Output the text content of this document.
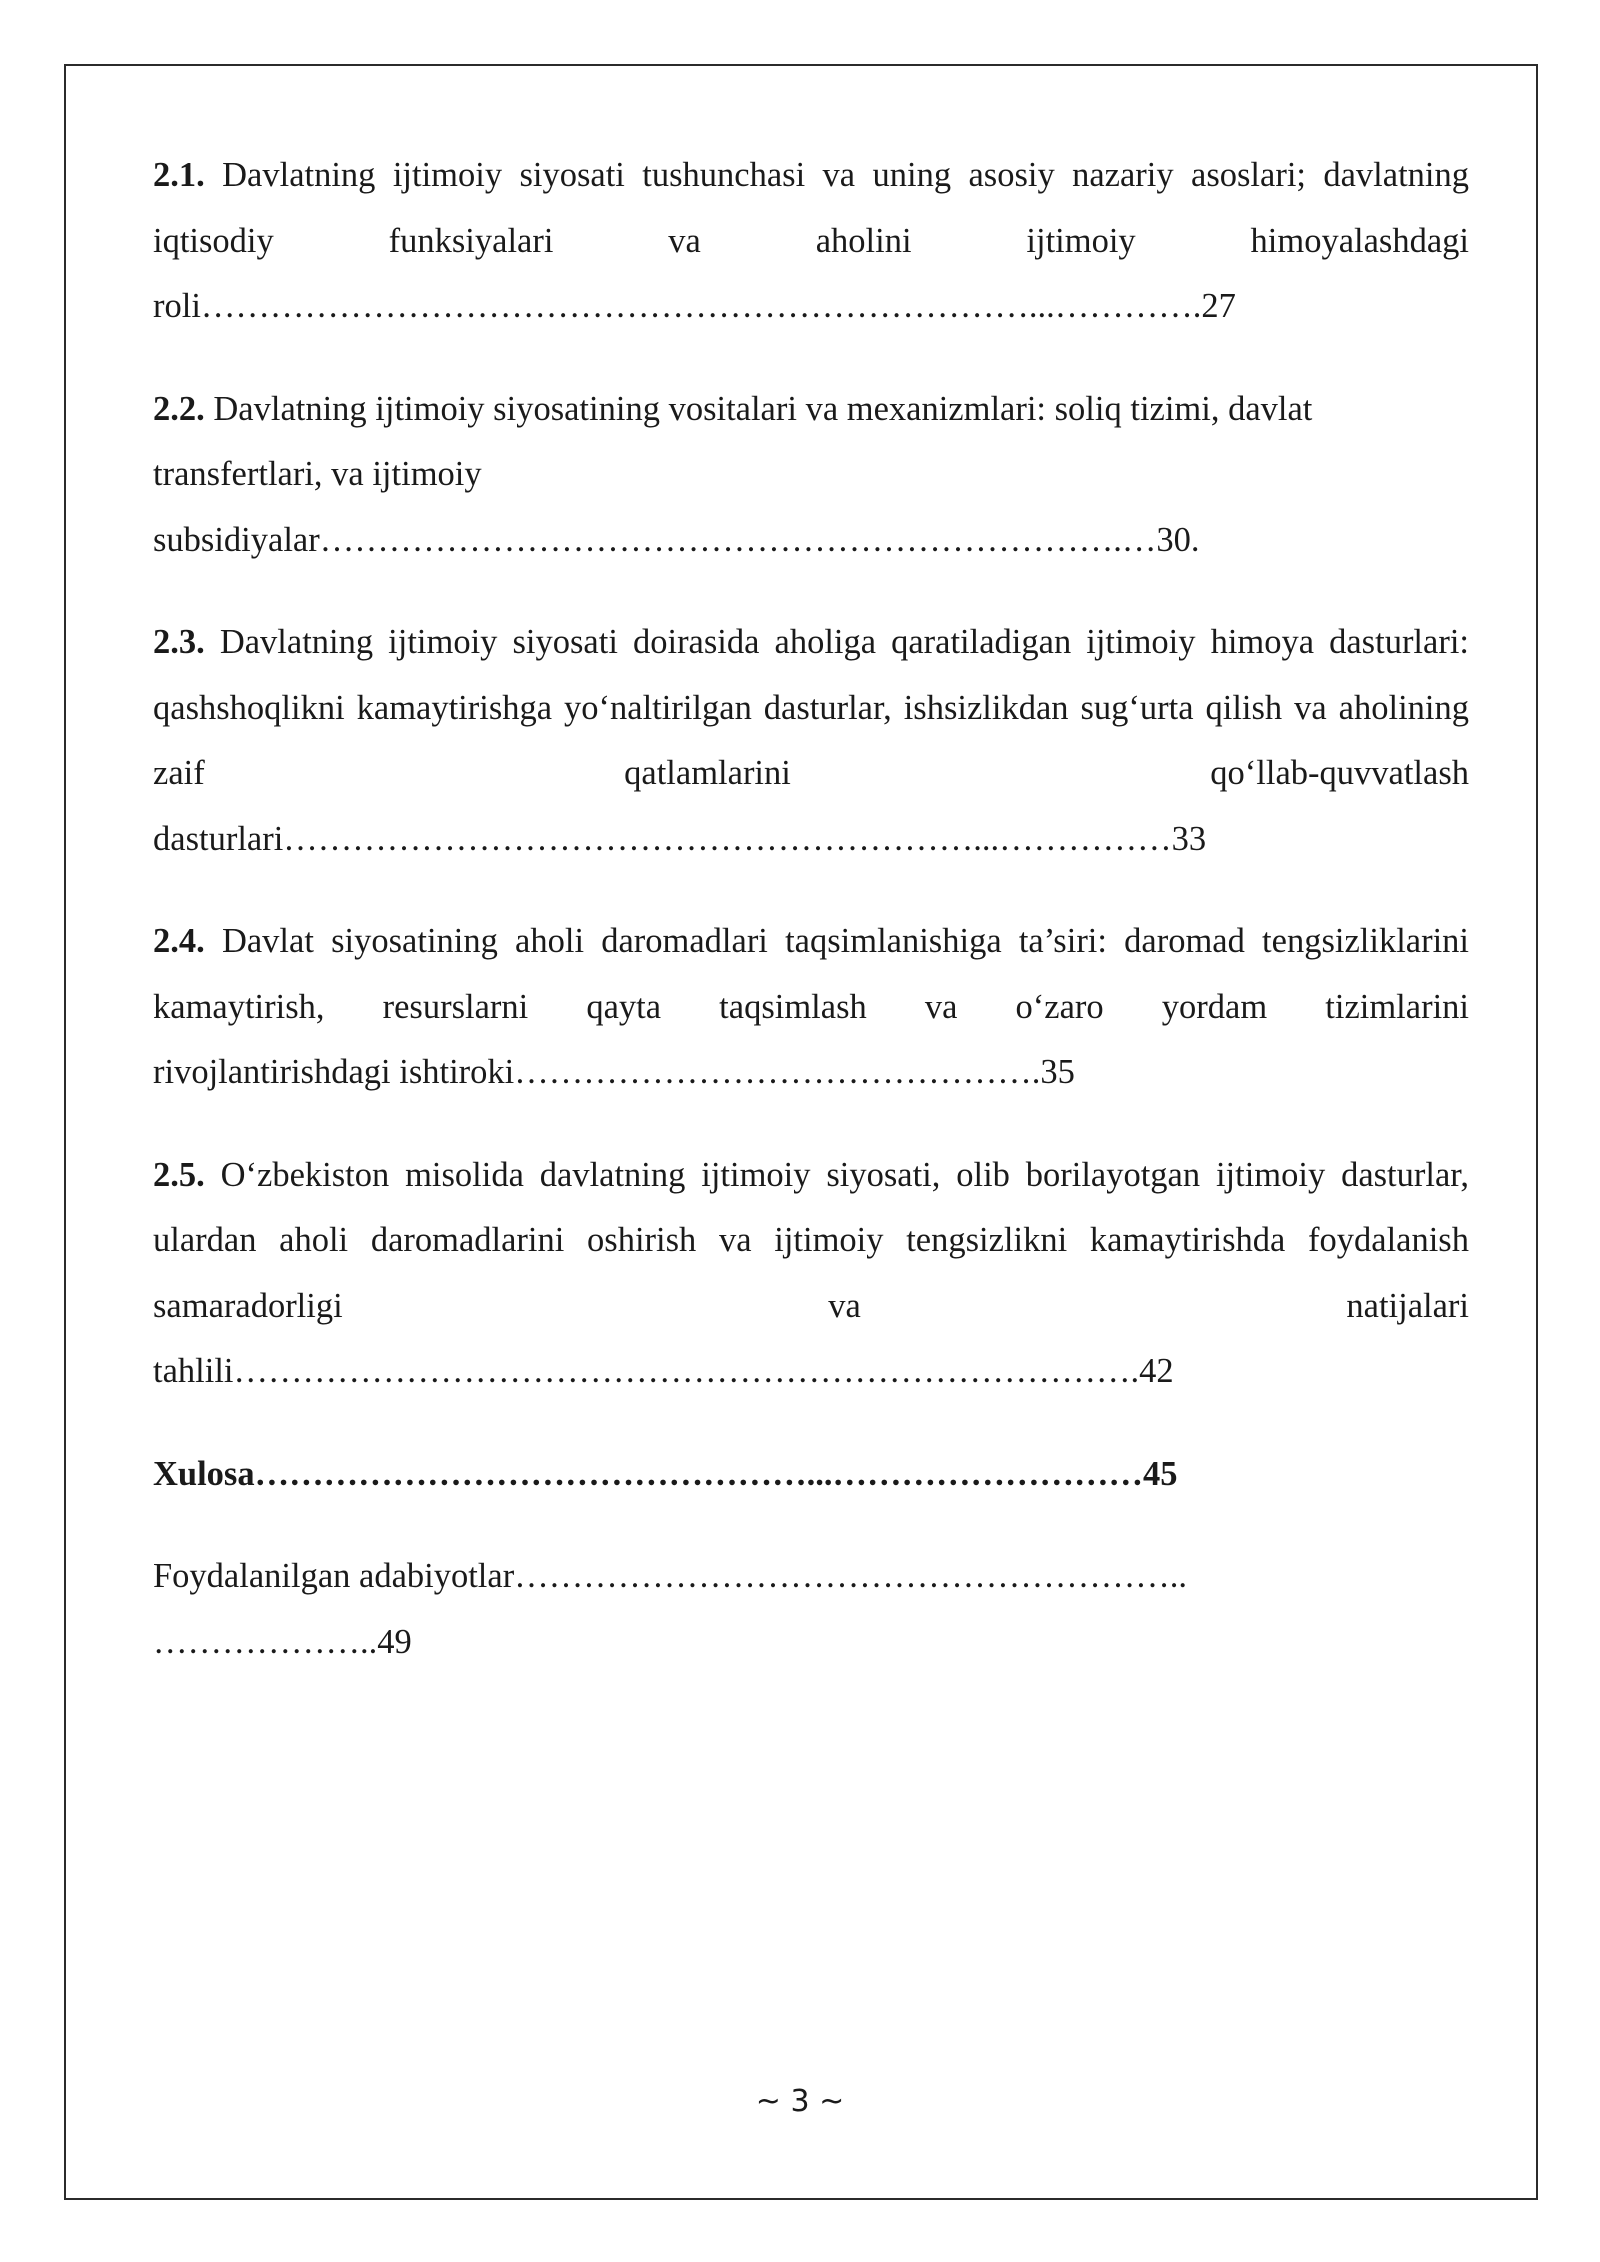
2.1. Davlatning ijtimoiy siyosati tushunchasi va uning asosiy nazariy asoslari; davlatning iqtisodiy funksiyalari va aholini ijtimoiy himoyalashdagi
roli………………………………………………………………...………….27
2.2. Davlatning ijtimoiy siyosatining vositalari va mexanizmlari: soliq tizimi, davlat
transfertlari, va ijtimoiy
subsidiyalar…………………………………………………………….…30.
2.3. Davlatning ijtimoiy siyosati doirasida aholiga qaratiladigan ijtimoiy himoya dasturlari: qashshoqlikni kamaytirishga yoʻnaltirilgan dasturlar, ishsizlikdan sugʻurta qilish va aholining zaif qatlamlarini qoʻllab-quvvatlash
dasturlari……………………………………………………...……………33
2.4. Davlat siyosatining aholi daromadlari taqsimlanishiga ta’siri: daromad tengsizliklarini kamaytirish, resurslarni qayta taqsimlash va oʻzaro yordam tizimlarini
rivojlantirishdagi ishtiroki……………………………………….35
2.5. Oʻzbekiston misolida davlatning ijtimoiy siyosati, olib borilayotgan ijtimoiy dasturlar, ulardan aholi daromadlarini oshirish va ijtimoiy tengsizlikni kamaytirishda foydalanish samaradorligi va natijalari
tahlili…………………………………………………………………….42
Xulosa…………………………………………...………………………45
Foydalanilgan adabiyotlar…………………………………………………..
………………..49
~ 3 ~
